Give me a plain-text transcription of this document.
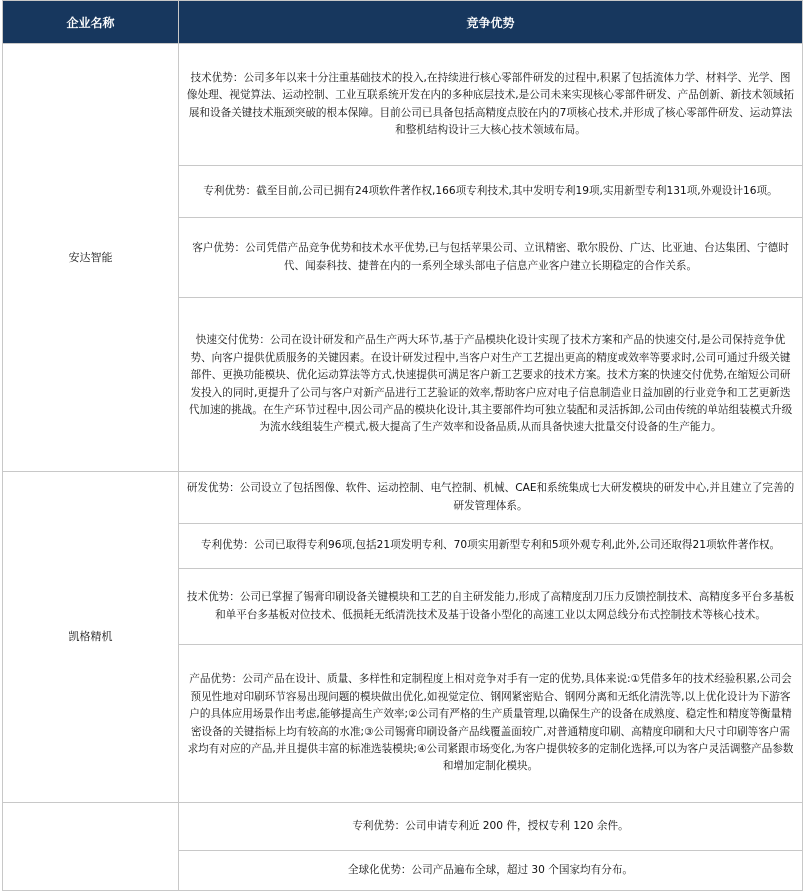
企业名称	竞争优势
安达智能	技术优势：公司多年以来十分注重基础技术的投入,在持续进行核心零部件研发的过程中,积累了包括流体力学、材料学、光学、图像处理、视觉算法、运动控制、工业互联系统开发在内的多种底层技术,是公司未来实现核心零部件研发、产品创新、新技术领域拓展和设备关键技术瓶颈突破的根本保障。目前公司已具备包括高精度点胶在内的7项核心技术,并形成了核心零部件研发、运动算法和整机结构设计三大核心技术领域布局。
	专利优势：截至目前,公司已拥有24项软件著作权,166项专利技术,其中发明专利19项,实用新型专利131项,外观设计16项。
	客户优势：公司凭借产品竞争优势和技术水平优势,已与包括苹果公司、立讯精密、歌尔股份、广达、比亚迪、台达集团、宁德时代、闻泰科技、捷普在内的一系列全球头部电子信息产业客户建立长期稳定的合作关系。
	快速交付优势：公司在设计研发和产品生产两大环节,基于产品模块化设计实现了技术方案和产品的快速交付,是公司保持竞争优势、向客户提供优质服务的关键因素。在设计研发过程中,当客户对生产工艺提出更高的精度或效率等要求时,公司可通过升级关键部件、更换功能模块、优化运动算法等方式,快速提供可满足客户新工艺要求的技术方案。技术方案的快速交付优势,在缩短公司研发投入的同时,更提升了公司与客户对新产品进行工艺验证的效率,帮助客户应对电子信息制造业日益加剧的行业竞争和工艺更新迭代加速的挑战。在生产环节过程中,因公司产品的模块化设计,其主要部件均可独立装配和灵活拆卸,公司由传统的单站组装模式升级为流水线组装生产模式,极大提高了生产效率和设备品质,从而具备快速大批量交付设备的生产能力。
凯格精机	研发优势：公司设立了包括图像、软件、运动控制、电气控制、机械、CAE和系统集成七大研发模块的研发中心,并且建立了完善的研发管理体系。
	专利优势：公司已取得专利96项,包括21项发明专利、70项实用新型专利和5项外观专利,此外,公司还取得21项软件著作权。
	技术优势：公司已掌握了锡膏印刷设备关键模块和工艺的自主研发能力,形成了高精度刮刀压力反馈控制技术、高精度多平台多基板和单平台多基板对位技术、低损耗无纸清洗技术及基于设备小型化的高速工业以太网总线分布式控制技术等核心技术。
	产品优势：公司产品在设计、质量、多样性和定制程度上相对竞争对手有一定的优势,具体来说:①凭借多年的技术经验积累,公司会预见性地对印刷环节容易出现问题的模块做出优化,如视觉定位、钢网紧密贴合、钢网分离和无纸化清洗等,以上优化设计为下游客户的具体应用场景作出考虑,能够提高生产效率;②公司有严格的生产质量管理,以确保生产的设备在成熟度、稳定性和精度等衡量精密设备的关键指标上均有较高的水准;③公司锡膏印刷设备产品线覆盖面较广,对普通精度印刷、高精度印刷和大尺寸印刷等客户需求均有对应的产品,并且提供丰富的标准选装模块;④公司紧跟市场变化,为客户提供较多的定制化选择,可以为客户灵活调整产品参数和增加定制化模块。
	专利优势：公司申请专利近 200 件，授权专利 120 余件。
	全球化优势：公司产品遍布全球，超过 30 个国家均有分布。
